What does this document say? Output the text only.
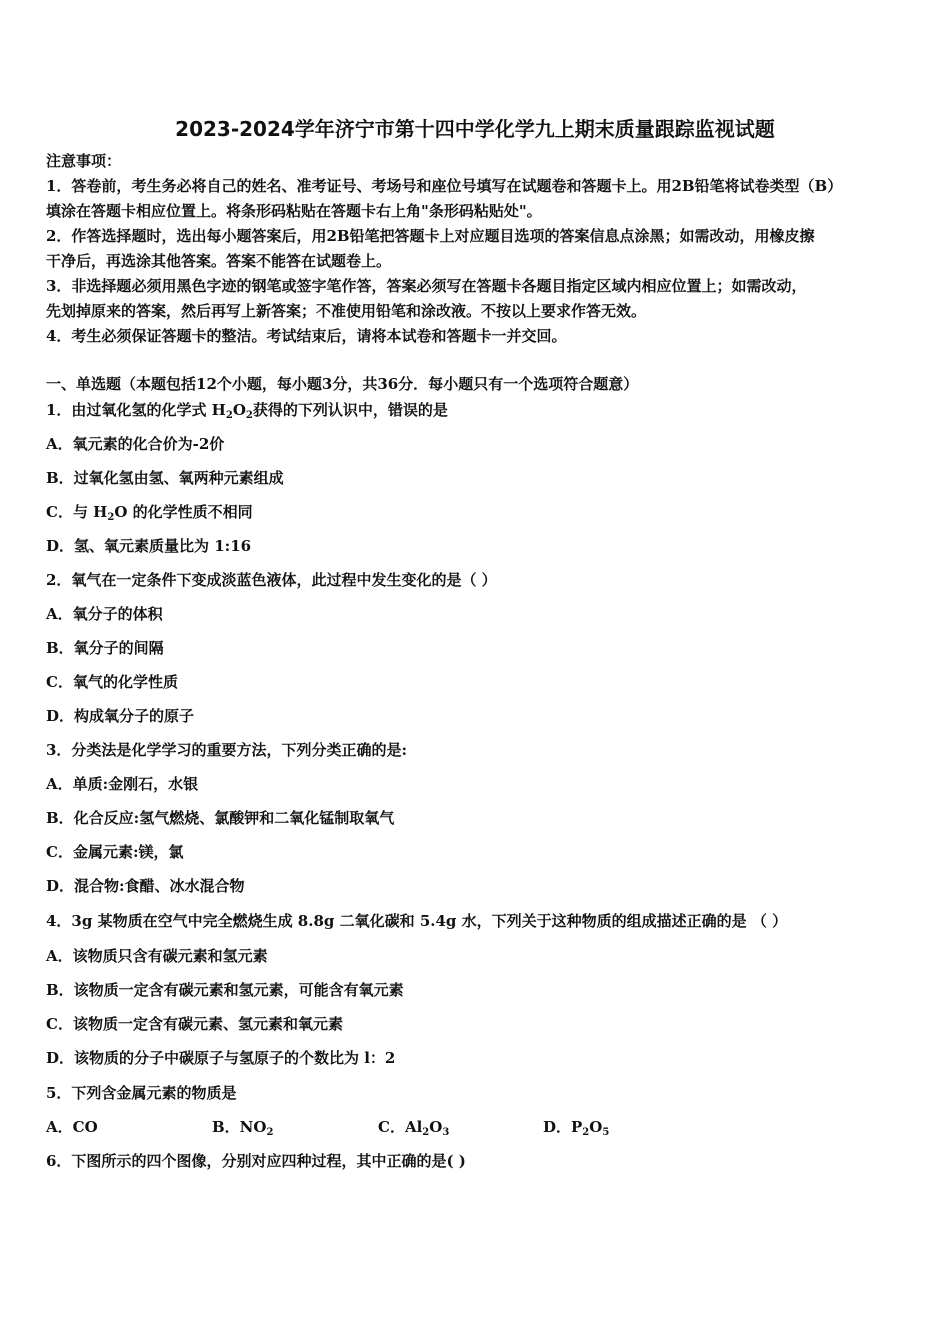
2023-2024学年济宁市第十四中学化学九上期末质量跟踪监视试题
注意事项：
1．答卷前，考生务必将自己的姓名、准考证号、考场号和座位号填写在试题卷和答题卡上。用2B铅笔将试卷类型（B）
填涂在答题卡相应位置上。将条形码粘贴在答题卡右上角"条形码粘贴处"。
2．作答选择题时，选出每小题答案后，用2B铅笔把答题卡上对应题目选项的答案信息点涂黑；如需改动，用橡皮擦
干净后，再选涂其他答案。答案不能答在试题卷上。
3．非选择题必须用黑色字迹的钢笔或签字笔作答，答案必须写在答题卡各题目指定区域内相应位置上；如需改动，
先划掉原来的答案，然后再写上新答案；不准使用铅笔和涂改液。不按以上要求作答无效。
4．考生必须保证答题卡的整洁。考试结束后，请将本试卷和答题卡一并交回。
一、单选题（本题包括12个小题，每小题3分，共36分．每小题只有一个选项符合题意）
1．由过氧化氢的化学式 $H_2O_2$获得的下列认识中，错误的是
A．氧元素的化合价为-2价
B．过氧化氢由氢、氧两种元素组成
C．与 $H_2O$ 的化学性质不相同
D．氢、氧元素质量比为 1:16
2．氧气在一定条件下变成淡蓝色液体，此过程中发生变化的是（ ）
A．氧分子的体积
B．氧分子的间隔
C．氧气的化学性质
D．构成氧分子的原子
3．分类法是化学学习的重要方法，下列分类正确的是:
A．单质:金刚石，水银
B．化合反应:氢气燃烧、氯酸钾和二氧化锰制取氧气
C．金属元素:镁，氯
D．混合物:食醋、冰水混合物
4．3g 某物质在空气中完全燃烧生成 8.8g 二氧化碳和 5.4g 水，下列关于这种物质的组成描述正确的是 （ ）
A．该物质只含有碳元素和氢元素
B．该物质一定含有碳元素和氢元素，可能含有氧元素
C．该物质一定含有碳元素、氢元素和氧元素
D．该物质的分子中碳原子与氢原子的个数比为 l：2
5．下列含金属元素的物质是
A．CO	B．$NO_2$	C．$Al_2O_3$	D．$P_2O_5$
6．下图所示的四个图像，分别对应四种过程，其中正确的是( )
